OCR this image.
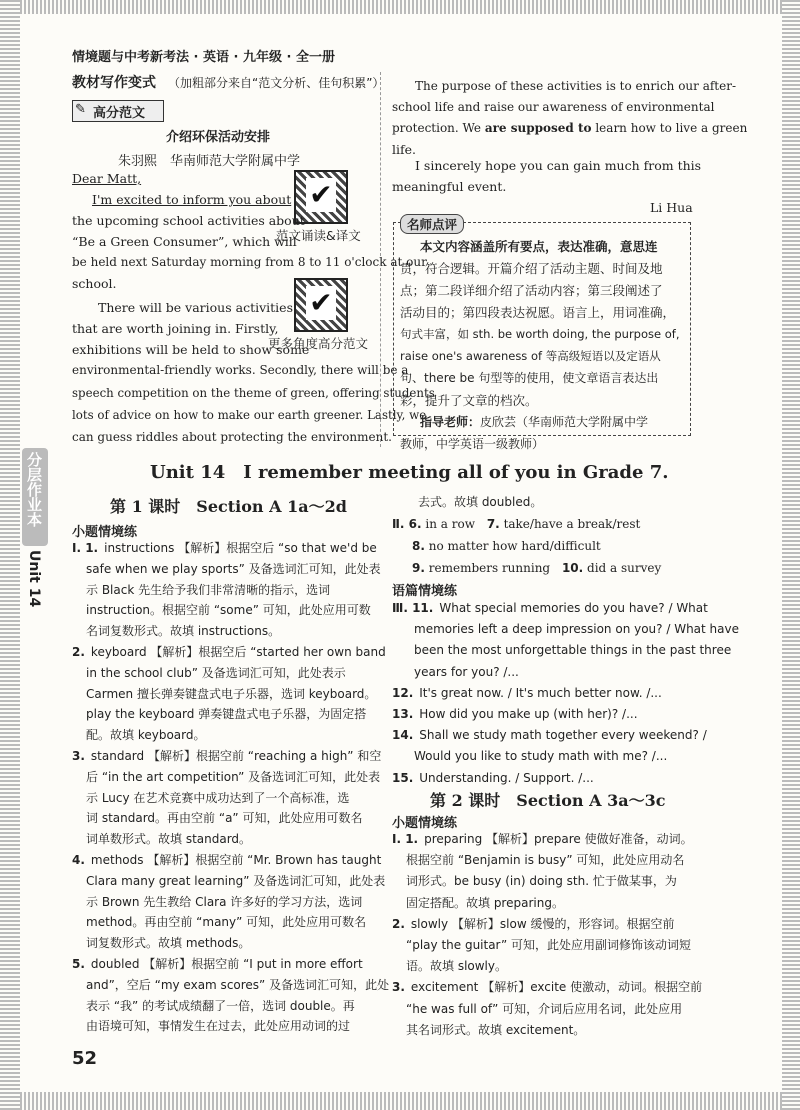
情境题与中考新考法 · 英语 · 九年级 · 全一册
教材写作变式 （加粗部分来自“范文分析、佳句积累”）
✎ 高分范文
介绍环保活动安排
朱羽熙　华南师范大学附属中学
Dear Matt,	✔
范文诵读&译文
✔
更多角度高分范文
I'm excited to inform you about
the upcoming school activities about
“Be a Green Consumer”, which will
be held next Saturday morning from 8 to 11 o'clock at our
school.
There will be various activities
that are worth joining in. Firstly,
exhibitions will be held to show some
environmental-friendly works. Secondly, there will be a
speech competition on the theme of green, offering students
lots of advice on how to make our earth greener. Lastly, we
can guess riddles about protecting the environment.
The purpose of these activities is to enrich our after-
school life and raise our awareness of environmental
protection. We are supposed to learn how to live a green
life.
I sincerely hope you can gain much from this
meaningful event.
Li Hua
名师点评
本文内容涵盖所有要点，表达准确，意思连
贯，符合逻辑。开篇介绍了活动主题、时间及地
点；第二段详细介绍了活动内容；第三段阐述了
活动目的；第四段表达祝愿。语言上，用词准确，
句式丰富，如 sth. be worth doing, the purpose of,
raise one's awareness of 等高级短语以及定语从
句、there be 句型等的使用，使文章语言表达出
彩，提升了文章的档次。
指导老师：皮欣芸（华南师范大学附属中学
教师，中学英语一级教师）
分层作业本
Unit 14
Unit 14　I remember meeting all of you in Grade 7.
第 1 课时　Section A 1a～2d
小题情境练
Ⅰ. 1. instructions 【解析】根据空后 “so that we'd be
safe when we play sports” 及备选词汇可知，此处表
示 Black 先生给予我们非常清晰的指示，选词
instruction。根据空前 “some” 可知，此处应用可数
名词复数形式。故填 instructions。
2. keyboard 【解析】根据空后 “started her own band
in the school club” 及备选词汇可知，此处表示
Carmen 擅长弹奏键盘式电子乐器，选词 keyboard。
play the keyboard 弹奏键盘式电子乐器，为固定搭
配。故填 keyboard。
3. standard 【解析】根据空前 “reaching a high” 和空
后 “in the art competition” 及备选词汇可知，此处表
示 Lucy 在艺术竞赛中成功达到了一个高标准，选
词 standard。再由空前 “a” 可知，此处应用可数名
词单数形式。故填 standard。
4. methods 【解析】根据空前 “Mr. Brown has taught
Clara many great learning” 及备选词汇可知，此处表
示 Brown 先生教给 Clara 许多好的学习方法，选词
method。再由空前 “many” 可知，此处应用可数名
词复数形式。故填 methods。
5. doubled 【解析】根据空前 “I put in more effort
and”，空后 “my exam scores” 及备选词汇可知，此处
表示 “我” 的考试成绩翻了一倍，选词 double。再
由语境可知，事情发生在过去，此处应用动词的过
去式。故填 doubled。
Ⅱ. 6. in a row 7. take/have a break/rest
8. no matter how hard/difficult
9. remembers running 10. did a survey
语篇情境练
Ⅲ. 11. What special memories do you have? / What
memories left a deep impression on you? / What have
been the most unforgettable things in the past three
years for you? /...
12. It's great now. / It's much better now. /...
13. How did you make up (with her)? /...
14. Shall we study math together every weekend? /
Would you like to study math with me? /...
15. Understanding. / Support. /...
第 2 课时　Section A 3a～3c
小题情境练
Ⅰ. 1. preparing 【解析】prepare 使做好准备，动词。
根据空前 “Benjamin is busy” 可知，此处应用动名
词形式。be busy (in) doing sth. 忙于做某事，为
固定搭配。故填 preparing。
2. slowly 【解析】slow 缓慢的，形容词。根据空前
“play the guitar” 可知，此处应用副词修饰该动词短
语。故填 slowly。
3. excitement 【解析】excite 使激动，动词。根据空前
“he was full of” 可知，介词后应用名词，此处应用
其名词形式。故填 excitement。
52
